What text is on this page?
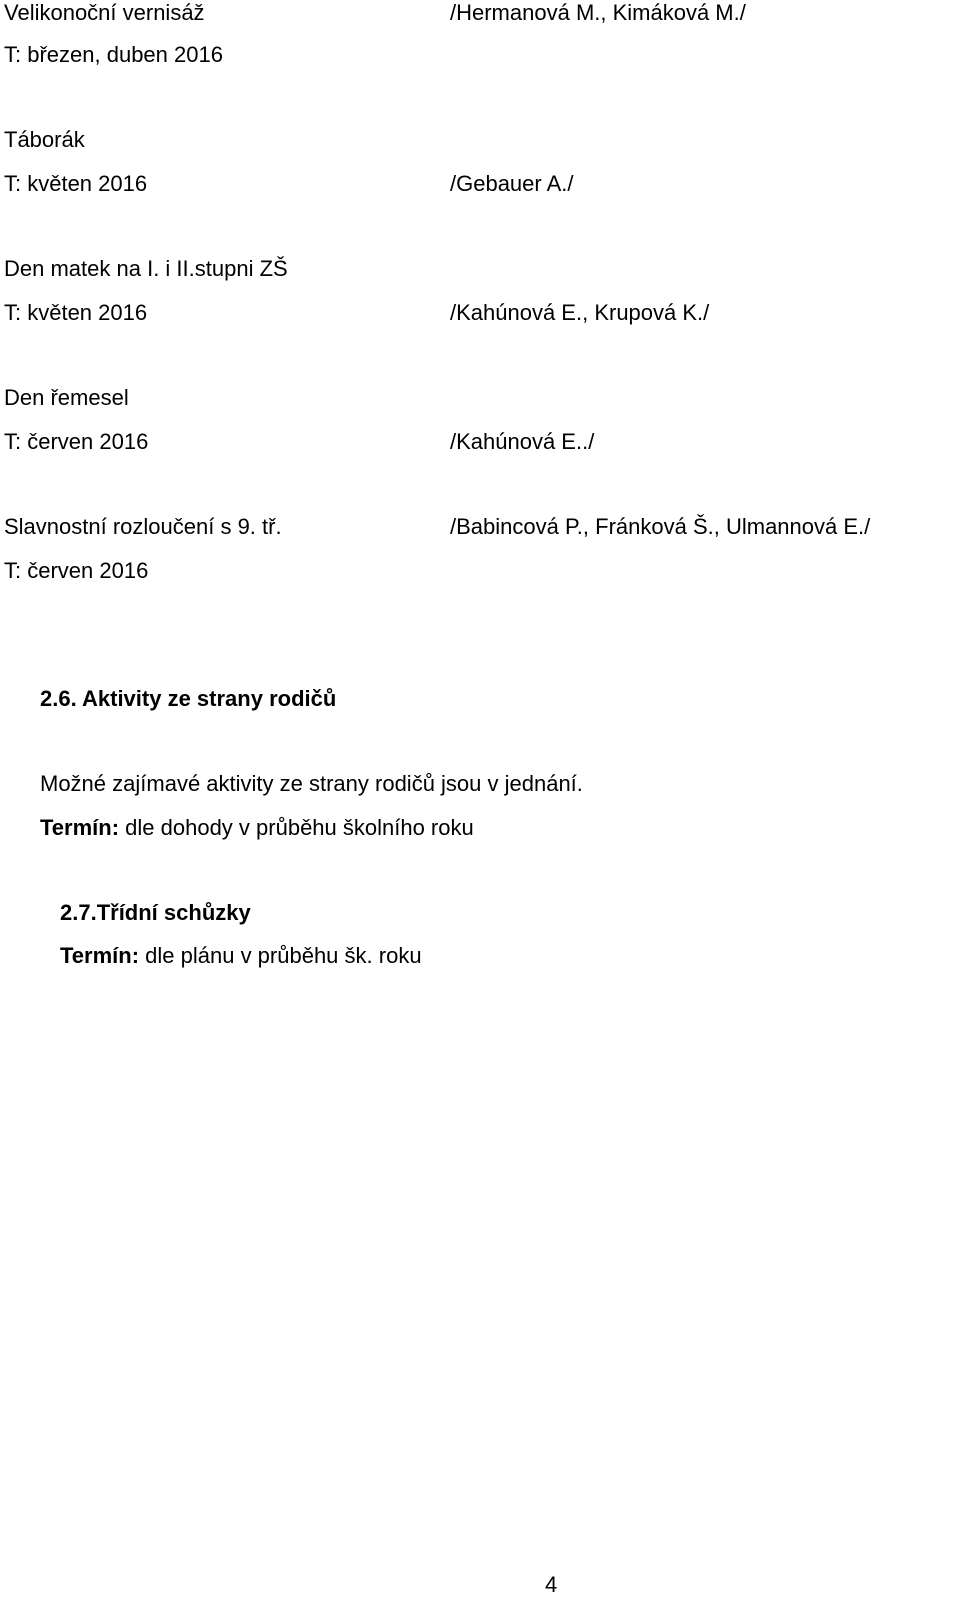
Velikonoční vernisáž	/Hermanová M., Kimáková M./
T: březen, duben 2016
Táborák
T: květen 2016	/Gebauer A./
Den matek na I. i II.stupni ZŠ
T: květen 2016	/Kahúnová E., Krupová K./
Den řemesel
T: červen 2016	/Kahúnová E../
Slavnostní rozloučení s 9. tř.	/Babincová P., Fránková Š., Ulmannová E./
T: červen 2016
2.6. Aktivity ze strany rodičů
Možné zajímavé aktivity ze strany rodičů jsou v jednání.
Termín: dle dohody v průběhu školního roku
2.7.Třídní schůzky
Termín: dle plánu v průběhu šk. roku
4
